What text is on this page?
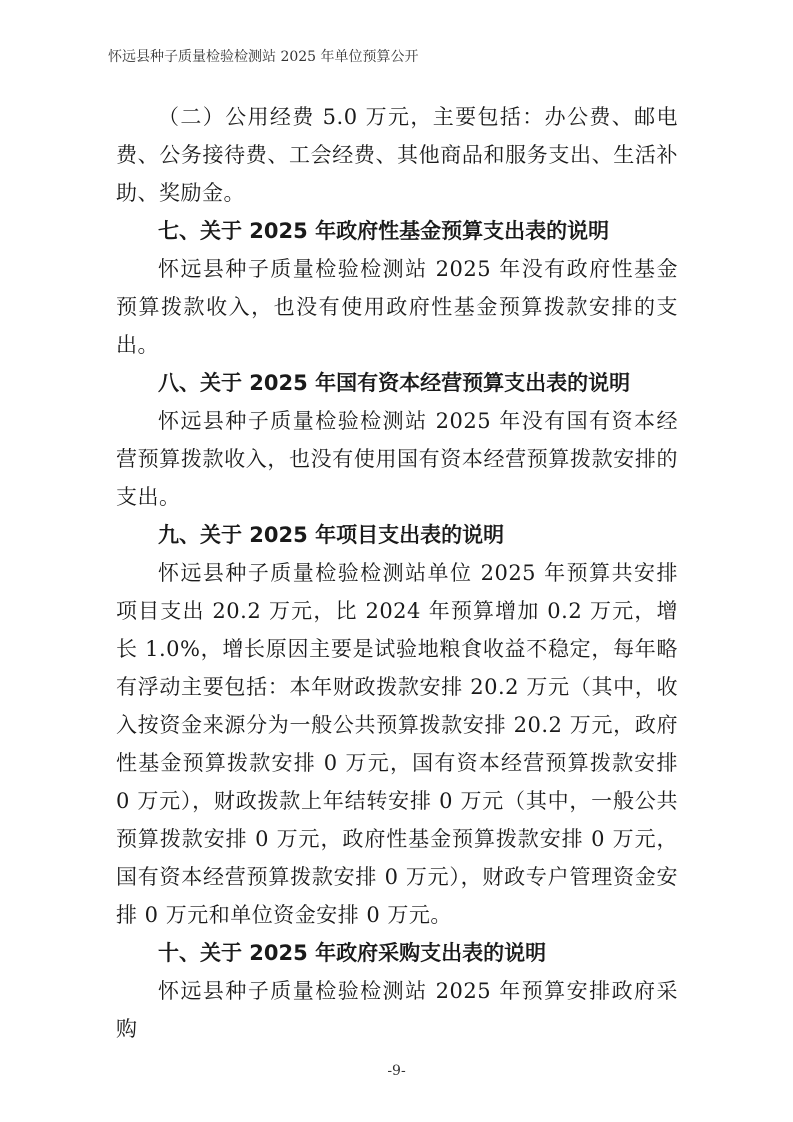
怀远县种子质量检验检测站 2025 年单位预算公开

（二）公用经费 5.0 万元，主要包括：办公费、邮电费、公务接待费、工会经费、其他商品和服务支出、生活补助、奖励金。

七、关于 2025 年政府性基金预算支出表的说明

怀远县种子质量检验检测站 2025 年没有政府性基金预算拨款收入，也没有使用政府性基金预算拨款安排的支出。

八、关于 2025 年国有资本经营预算支出表的说明

怀远县种子质量检验检测站 2025 年没有国有资本经营预算拨款收入，也没有使用国有资本经营预算拨款安排的支出。

九、关于 2025 年项目支出表的说明

怀远县种子质量检验检测站单位 2025 年预算共安排项目支出 20.2 万元，比 2024 年预算增加 0.2 万元，增长 1.0%，增长原因主要是试验地粮食收益不稳定，每年略有浮动主要包括：本年财政拨款安排 20.2 万元（其中，收入按资金来源分为一般公共预算拨款安排 20.2 万元，政府性基金预算拨款安排 0 万元，国有资本经营预算拨款安排 0 万元），财政拨款上年结转安排 0 万元（其中，一般公共预算拨款安排 0 万元，政府性基金预算拨款安排 0 万元，国有资本经营预算拨款安排 0 万元），财政专户管理资金安排 0 万元和单位资金安排 0 万元。

十、关于 2025 年政府采购支出表的说明

怀远县种子质量检验检测站 2025 年预算安排政府采购

-9-
